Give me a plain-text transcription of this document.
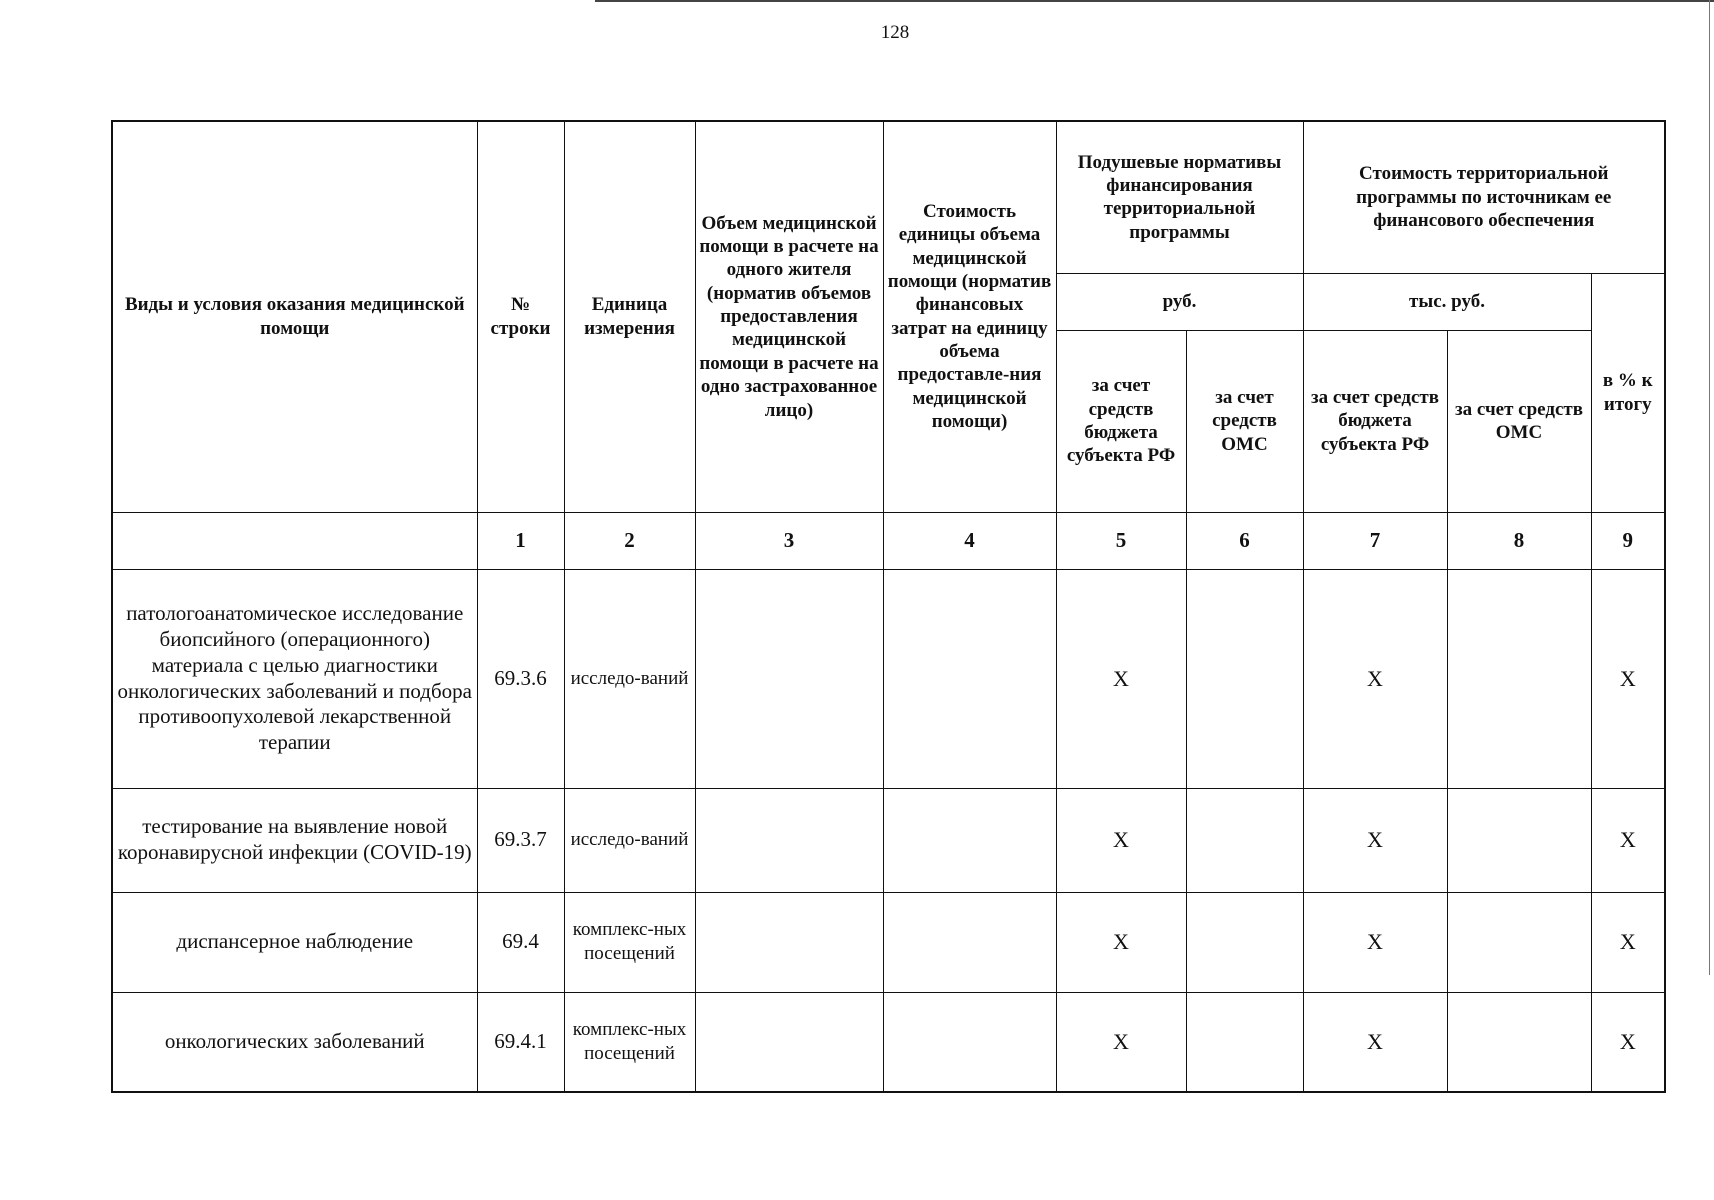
128
Виды и условия оказания медицинской помощи	№ строки	Единица измерения	Объем медицинской помощи в расчете на одного жителя (норматив объемов предоставления медицинской помощи в расчете на одно застрахованное лицо)	Стоимость единицы объема медицинской помощи (норматив финансовых затрат на единицу объема предоставле-ния медицинской помощи)	Подушевые нормативы финансирования территориальной программы		Стоимость территориальной программы по источникам ее финансового обеспечения		
					руб.		тыс. руб.		в % к итогу
					за счет средств бюджета субъекта РФ	за счет средств ОМС	за счет средств бюджета субъекта РФ	за счет средств ОМС	
	1	2	3	4	5	6	7	8	9
патологоанатомическое исследование биопсийного (операционного) материала с целью диагностики онкологических заболеваний и подбора противоопухолевой лекарственной терапии	69.3.6	исследо-ваний			X		X		X
тестирование на выявление новой коронавирусной инфекции (COVID-19)	69.3.7	исследо-ваний			X		X		X
диспансерное наблюдение	69.4	комплекс-ных посещений			X		X		X
онкологических заболеваний	69.4.1	комплекс-ных посещений			X		X		X
